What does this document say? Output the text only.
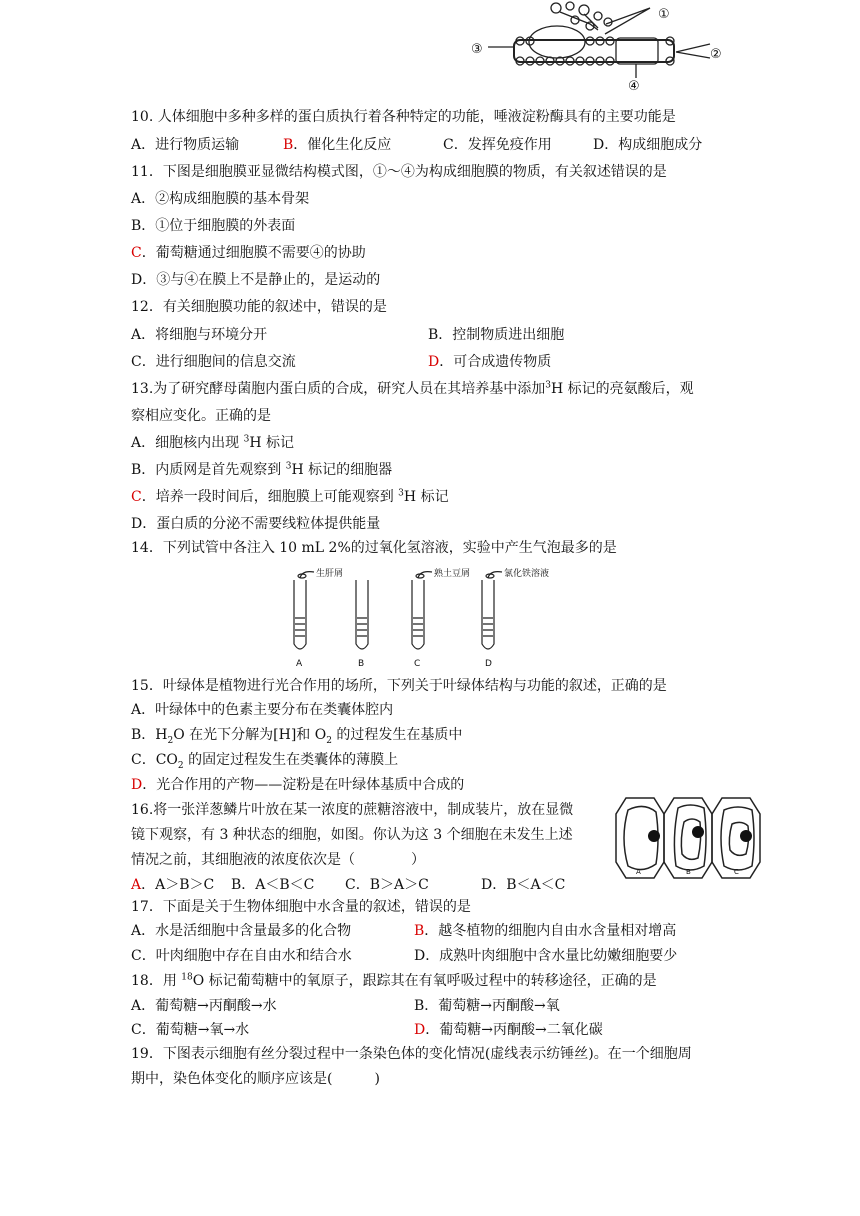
①
②
③
④
10. 人体细胞中多种多样的蛋白质执行着各种特定的功能，唾液淀粉酶具有的主要功能是
A．进行物质运输	B．催化生化反应	C．发挥免疫作用	D．构成细胞成分
11．下图是细胞膜亚显微结构模式图，①～④为构成细胞膜的物质，有关叙述错误的是
A．②构成细胞膜的基本骨架
B．①位于细胞膜的外表面
C．葡萄糖通过细胞膜不需要④的协助
D．③与④在膜上不是静止的，是运动的
12．有关细胞膜功能的叙述中，错误的是
A．将细胞与环境分开	B．控制物质进出细胞
C．进行细胞间的信息交流	D．可合成遗传物质
13.为了研究酵母菌胞内蛋白质的合成，研究人员在其培养基中添加$^3$H 标记的亮氨酸后，观
察相应变化。正确的是
A．细胞核内出现 $^3$H 标记
B．内质网是首先观察到 $^3$H 标记的细胞器
C．培养一段时间后，细胞膜上可能观察到 $^3$H 标记
D．蛋白质的分泌不需要线粒体提供能量
14．下列试管中各注入 10 mL 2%的过氧化氢溶液，实验中产生气泡最多的是
生肝屑	熟土豆屑	氯化铁溶液
A	B	C	D
15．叶绿体是植物进行光合作用的场所，下列关于叶绿体结构与功能的叙述，正确的是
A．叶绿体中的色素主要分布在类囊体腔内
B．$H_2O$ 在光下分解为[H]和 $O_2$ 的过程发生在基质中
C．$CO_2$ 的固定过程发生在类囊体的薄膜上
D．光合作用的产物——淀粉是在叶绿体基质中合成的
16.将一张洋葱鳞片叶放在某一浓度的蔗糖溶液中，制成装片，放在显微
镜下观察，有 3 种状态的细胞，如图。你认为这 3 个细胞在未发生上述
情况之前，其细胞液的浓度依次是（　　　　）
A．A＞B＞C B．A＜B＜C C．B＞A＞C	D．B＜A＜C
A	B	C
17．下面是关于生物体细胞中水含量的叙述，错误的是
A．水是活细胞中含量最多的化合物	B．越冬植物的细胞内自由水含量相对增高
C．叶肉细胞中存在自由水和结合水	D．成熟叶肉细胞中含水量比幼嫩细胞要少
18．用 $^{18}$O 标记葡萄糖中的氧原子，跟踪其在有氧呼吸过程中的转移途径，正确的是
A．葡萄糖→丙酮酸→水	B．葡萄糖→丙酮酸→氧
C．葡萄糖→氧→水	D．葡萄糖→丙酮酸→二氧化碳
19．下图表示细胞有丝分裂过程中一条染色体的变化情况(虚线表示纺锤丝)。在一个细胞周
期中，染色体变化的顺序应该是(　　　)
